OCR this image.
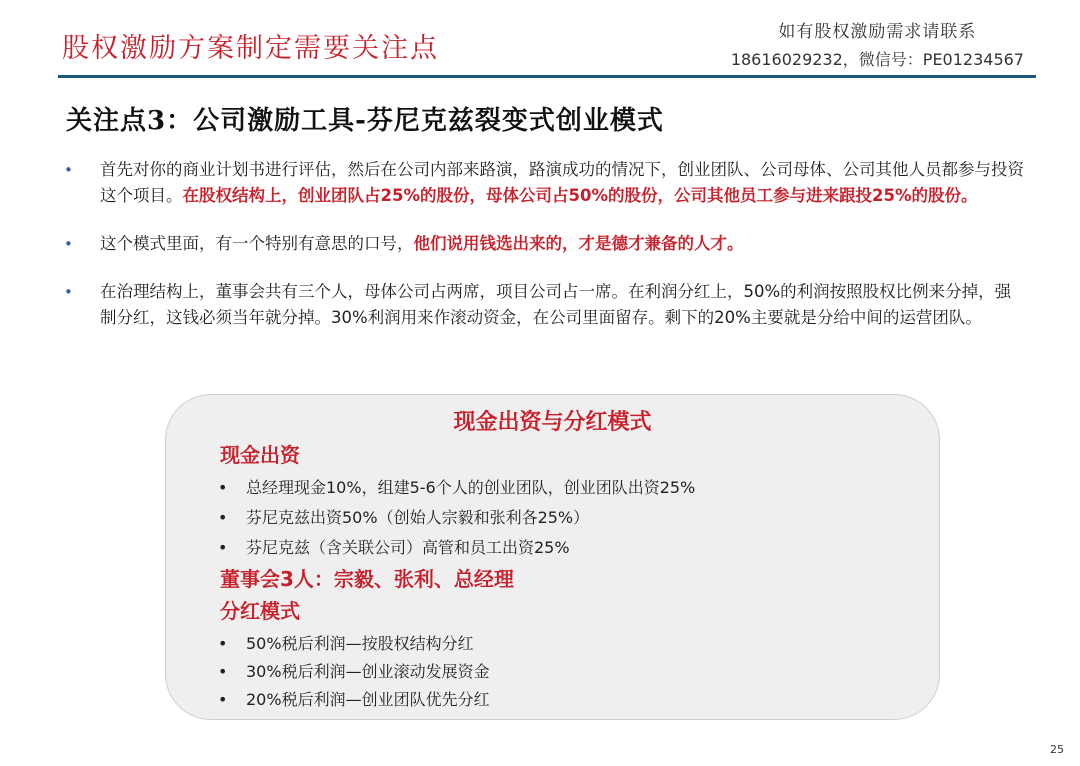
股权激励方案制定需要关注点
如有股权激励需求请联系
18616029232，微信号：PE01234567
关注点3：公司激励工具-芬尼克兹裂变式创业模式
• 首先对你的商业计划书进行评估，然后在公司内部来路演，路演成功的情况下，创业团队、公司母体、公司其他人员都参与投资这个项目。在股权结构上，创业团队占25%的股份，母体公司占50%的股份，公司其他员工参与进来跟投25%的股份。
• 这个模式里面，有一个特别有意思的口号，他们说用钱选出来的，才是德才兼备的人才。
• 在治理结构上，董事会共有三个人，母体公司占两席，项目公司占一席。在利润分红上，50%的利润按照股权比例来分掉，强制分红，这钱必须当年就分掉。30%利润用来作滚动资金，在公司里面留存。剩下的20%主要就是分给中间的运营团队。
现金出资与分红模式
现金出资
• 总经理现金10%，组建5-6个人的创业团队，创业团队出资25%
• 芬尼克兹出资50%（创始人宗毅和张利各25%）
• 芬尼克兹（含关联公司）高管和员工出资25%
董事会3人：宗毅、张利、总经理
分红模式
• 50%税后利润—按股权结构分红
• 30%税后利润—创业滚动发展资金
• 20%税后利润—创业团队优先分红
25
